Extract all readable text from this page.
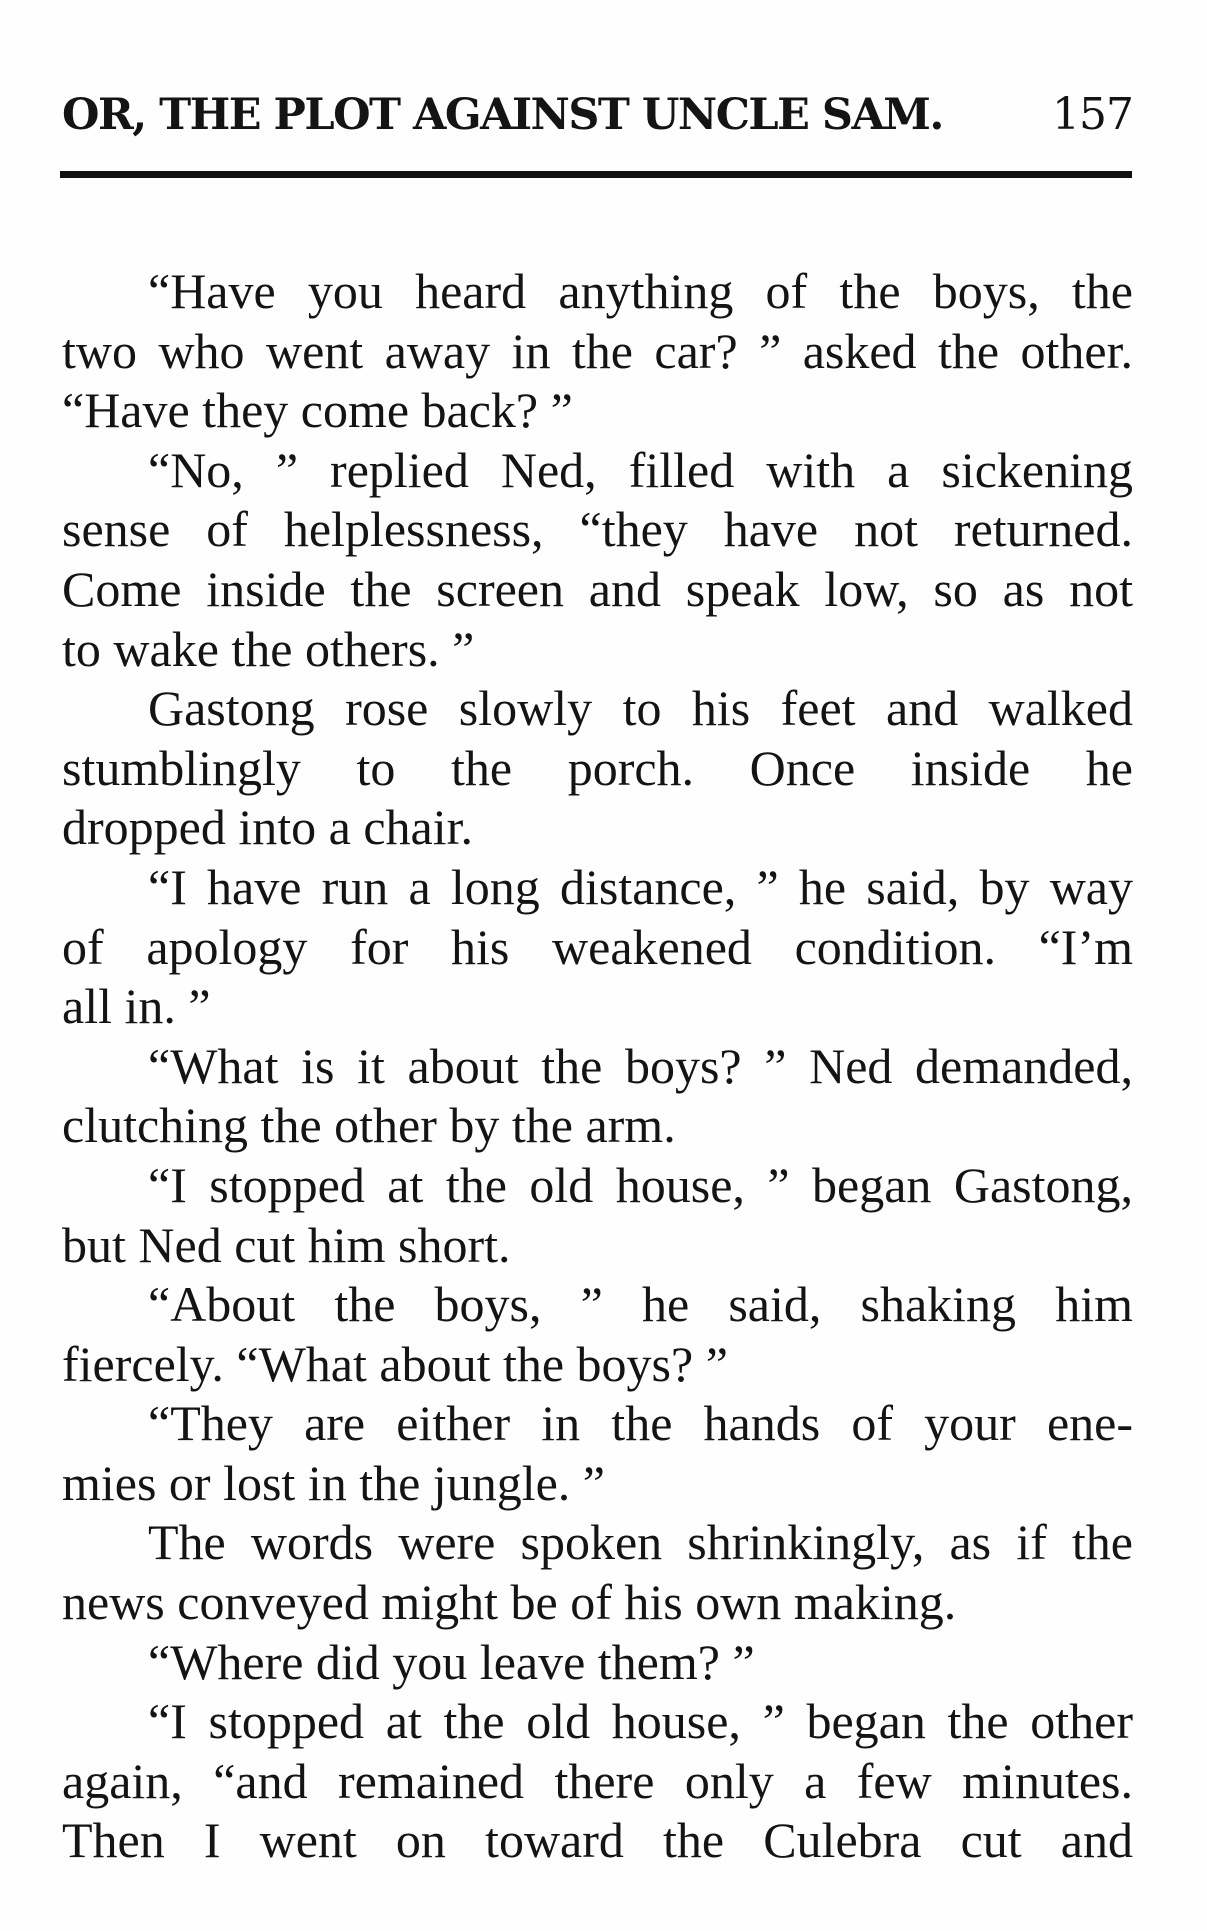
OR, THE PLOT AGAINST UNCLE SAM. 157
“Have you heard anything of the boys, the
two who went away in the car? ” asked the other.
“Have they come back? ”
“No, ” replied Ned, filled with a sickening
sense of helplessness, “they have not returned.
Come inside the screen and speak low, so as not
to wake the others. ”
Gastong rose slowly to his feet and walked
stumblingly to the porch. Once inside he
dropped into a chair.
“I have run a long distance, ” he said, by way
of apology for his weakened condition. “I’m
all in. ”
“What is it about the boys? ” Ned demanded,
clutching the other by the arm.
“I stopped at the old house, ” began Gastong,
but Ned cut him short.
“About the boys, ” he said, shaking him
fiercely. “What about the boys? ”
“They are either in the hands of your ene-
mies or lost in the jungle. ”
The words were spoken shrinkingly, as if the
news conveyed might be of his own making.
“Where did you leave them? ”
“I stopped at the old house, ” began the other
again, “and remained there only a few minutes.
Then I went on toward the Culebra cut and
